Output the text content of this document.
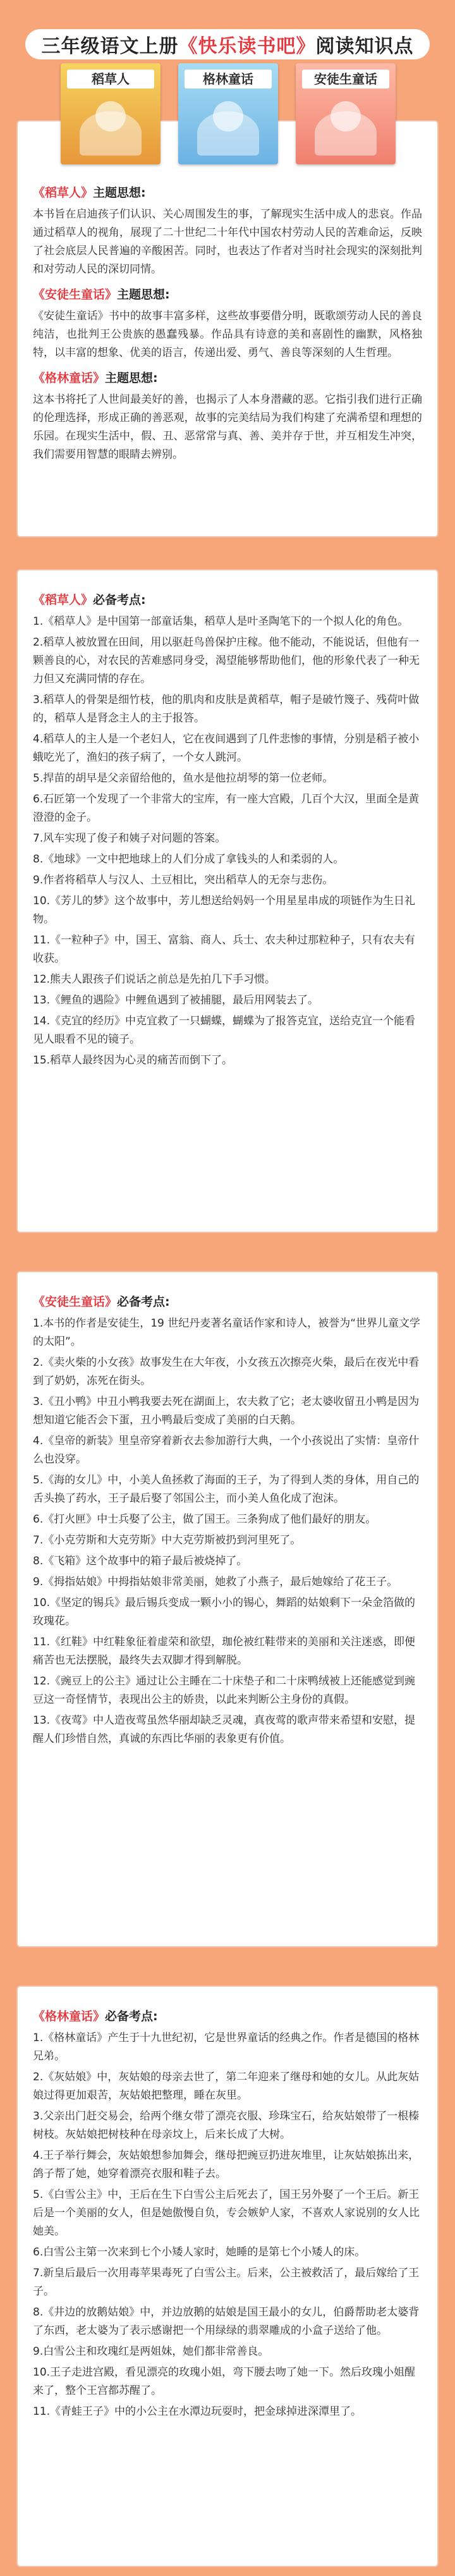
三年级语文上册 《快乐读书吧》 阅读知识点
《稻草人》主题思想:

本书旨在启迪孩子们认识、关心周围发生的事，了解现实生活中成人的悲哀。作品通过稻草人的视角，展现了二十世纪二十年代中国农村劳动人民的苦难命运，反映了社会底层人民普遍的辛酸困苦。同时，也表达了作者对当时社会现实的深刻批判和对劳动人民的深切同情。

《安徒生童话》主题思想:

《安徒生童话》书中的故事丰富多样，这些故事要借分明，既歌颂劳动人民的善良纯洁，也批判王公贵族的愚蠢残暴。作品具有诗意的美和喜剧性的幽默，风格独特，以丰富的想象、优美的语言，传递出爱、勇气、善良等深刻的人生哲理。

《格林童话》主题思想:

这本书将托了人世间最美好的善，也揭示了人本身潜藏的恶。它指引我们进行正确的伦理选择，形成正确的善恶观，故事的完美结局为我们构建了充满希望和理想的乐园。在现实生活中，假、丑、恶常常与真、善、美并存于世，并互相发生冲突，我们需要用智慧的眼睛去辨别。

稻草人	格林童话	安徒生童话
《稻草人》必备考点:
1.《稻草人》是中国第一部童话集，稻草人是叶圣陶笔下的一个拟人化的角色。
2.稻草人被放置在田间，用以驱赶鸟兽保护庄稼。他不能动，不能说话，但他有一颗善良的心，对农民的苦难感同身受，渴望能够帮助他们，他的形象代表了一种无力但又充满同情的存在。
3.稻草人的骨架是细竹枝，他的肌肉和皮肤是黄稻草，帽子是破竹篾子、残荷叶做的，稻草人是肾念主人的主于报答。
4.稻草人的主人是一个老妇人，它在夜间遇到了几件悲惨的事情，分别是稻子被小蛾吃光了，渔妇的孩子病了，一个女人跳河。
5.捍苗的胡早是父亲留给他的，鱼水是他拉胡琴的第一位老师。
6.石匠第一个发现了一个非常大的宝库，有一座大宫殿，几百个大汉，里面全是黄澄澄的金子。
7.风车实现了俊子和姨子对问题的答案。
8.《地球》一文中把地球上的人们分成了拿钱头的人和柔弱的人。
9.作者将稻草人与汉人、土豆相比，突出稻草人的无奈与悲伤。
10.《芳儿的梦》这个故事中，芳儿想送给妈妈一个用星星串成的项链作为生日礼物。
11.《一粒种子》中，国王、富翁、商人、兵士、农夫种过那粒种子，只有农夫有收获。
12.熊夫人跟孩子们说话之前总是先拍几下手习惯。
13.《鲤鱼的遇险》中鲤鱼遇到了被捕腿，最后用网装去了。
14.《克宜的经历》中克宜救了一只蝴蝶，蝴蝶为了报答克宜，送给克宜一个能看见人眼看不见的镜子。
15.稻草人最终因为心灵的痛苦而倒下了。
《安徒生童话》必备考点:
1.本书的作者是安徒生，19 世纪丹麦著名童话作家和诗人，被誉为“世界儿童文学的太阳”。
2.《卖火柴的小女孩》故事发生在大年夜，小女孩五次擦亮火柴，最后在夜光中看到了奶奶，冻死在街头。
3.《丑小鸭》中丑小鸭我要去死在湖面上，农夫救了它；老太婆收留丑小鸭是因为想知道它能否会下蛋，丑小鸭最后变成了美丽的白天鹅。
4.《皇帝的新装》里皇帝穿着新衣去参加游行大典，一个小孩说出了实情：皇帝什么也没穿。
5.《海的女儿》中，小美人鱼拯救了海面的王子，为了得到人类的身体，用自己的舌头换了药水，王子最后娶了邻国公主，而小美人鱼化成了泡沫。
6.《打火匣》中士兵娶了公主，做了国王。三条狗成了他们最好的朋友。
7.《小克劳斯和大克劳斯》中大克劳斯被扔到河里死了。
8.《飞箱》这个故事中的箱子最后被烧掉了。
9.《拇指姑娘》中拇指姑娘非常美丽，她救了小燕子，最后她嫁给了花王子。
10.《坚定的锡兵》最后锡兵变成一颗小小的锡心，舞蹈的姑娘剩下一朵金箔做的玫瑰花。
11.《红鞋》中红鞋象征着虚荣和欲望，珈伦被红鞋带来的美丽和关注迷惑，即便痛苦也无法摆脱，最终失去双脚才得到解脱。
12.《豌豆上的公主》通过让公主睡在二十床垫子和二十床鸭绒被上还能感觉到豌豆这一奇怪情节，表现出公主的娇贵，以此来判断公主身份的真假。
13.《夜莺》中人造夜莺虽然华丽却缺乏灵魂，真夜莺的歌声带来希望和安慰，提醒人们珍惜自然，真诚的东西比华丽的表象更有价值。
《格林童话》必备考点:
1.《格林童话》产生于十九世纪初，它是世界童话的经典之作。作者是德国的格林兄弟。
2.《灰姑娘》中，灰姑娘的母亲去世了，第二年迎来了继母和她的女儿。从此灰姑娘过得更加艰苦，灰姑娘把整理，睡在灰里。
3.父亲出门赶交易会，给两个继女带了漂亮衣服、珍珠宝石，给灰姑娘带了一根榛树枝。灰姑娘把树枝种在母亲坟上，后来长成了大树。
4.王子举行舞会，灰姑娘想参加舞会，继母把豌豆扔进灰堆里，让灰姑娘拣出来，鸽子帮了她，她穿着漂亮衣服和鞋子去。
5.《白雪公主》中，王后在生下白雪公主后死去了，国王另外娶了一个王后。新王后是一个美丽的女人，但是她傲慢自负，专会嫉妒人家，不喜欢人家说别的女人比她美。
6.白雪公主第一次来到七个小矮人家时，她睡的是第七个小矮人的床。
7.新皇后最后一次用毒苹果毒死了白雪公主。后来，公主被救活了，最后嫁给了王子。
8.《井边的放鹅姑娘》中，并边放鹅的姑娘是国王最小的女儿，伯爵帮助老太婆背了东西，老太婆为了表示感谢把一个用绿绿的翡翠雕成的小盒子送给了他。
9.白雪公主和玫瑰红是两姐妹，她们都非常善良。
10.王子走进宫殿，看见漂亮的玫瑰小姐，弯下腰去吻了她一下。然后玫瑰小姐醒来了，整个王宫都苏醒了。
11.《青蛙王子》中的小公主在水潭边玩耍时，把金球掉进深潭里了。
